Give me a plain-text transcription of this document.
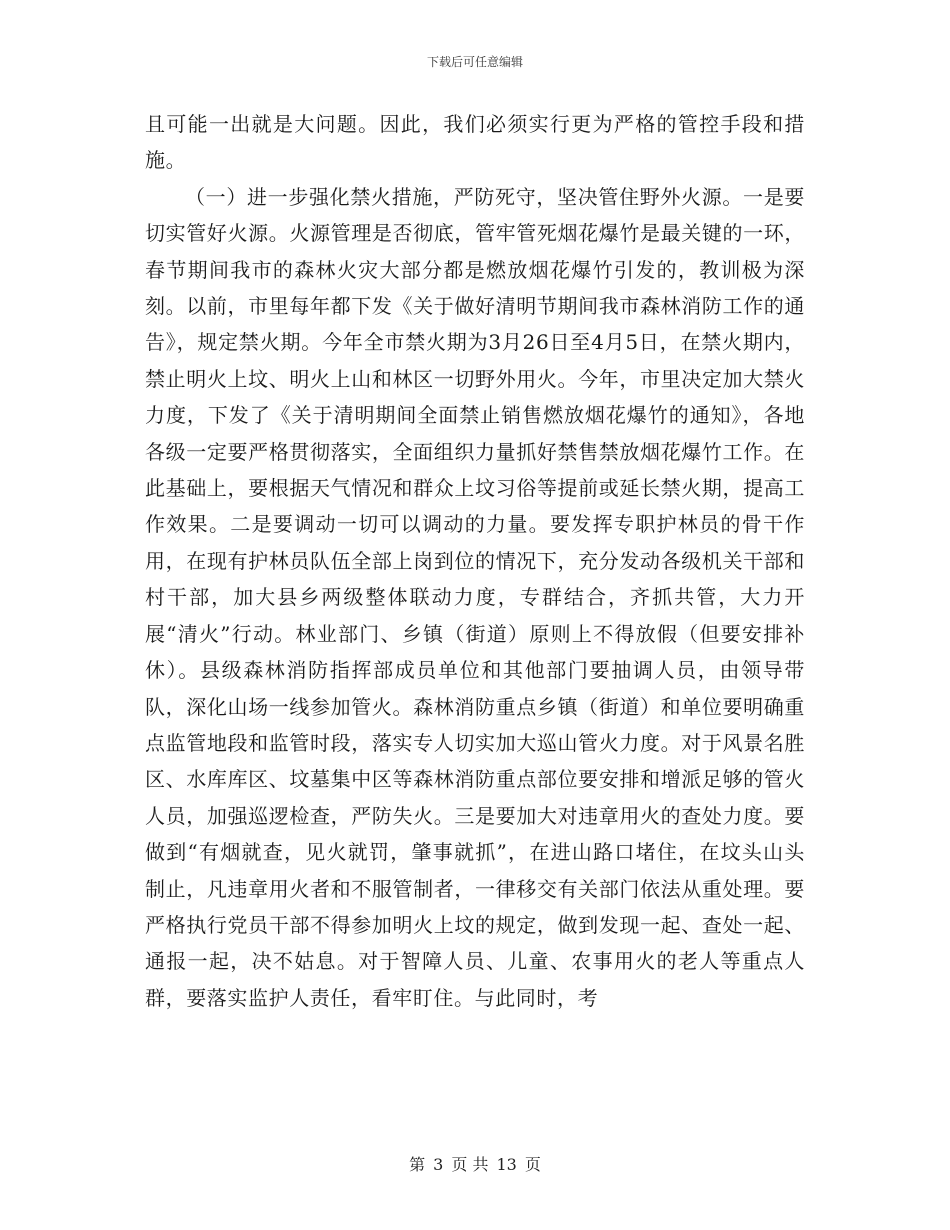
下载后可任意编辑

且可能一出就是大问题。因此，我们必须实行更为严格的管控手段和措施。

（一）进一步强化禁火措施，严防死守，坚决管住野外火源。一是要切实管好火源。火源管理是否彻底，管牢管死烟花爆竹是最关键的一环，春节期间我市的森林火灾大部分都是燃放烟花爆竹引发的，教训极为深刻。以前，市里每年都下发《关于做好清明节期间我市森林消防工作的通告》，规定禁火期。今年全市禁火期为3月26日至4月5日，在禁火期内，禁止明火上坟、明火上山和林区一切野外用火。今年，市里决定加大禁火力度，下发了《关于清明期间全面禁止销售燃放烟花爆竹的通知》，各地各级一定要严格贯彻落实，全面组织力量抓好禁售禁放烟花爆竹工作。在此基础上，要根据天气情况和群众上坟习俗等提前或延长禁火期，提高工作效果。二是要调动一切可以调动的力量。要发挥专职护林员的骨干作用，在现有护林员队伍全部上岗到位的情况下，充分发动各级机关干部和村干部，加大县乡两级整体联动力度，专群结合，齐抓共管，大力开展“清火”行动。林业部门、乡镇（街道）原则上不得放假（但要安排补休）。县级森林消防指挥部成员单位和其他部门要抽调人员，由领导带队，深化山场一线参加管火。森林消防重点乡镇（街道）和单位要明确重点监管地段和监管时段，落实专人切实加大巡山管火力度。对于风景名胜区、水库库区、坟墓集中区等森林消防重点部位要安排和增派足够的管火人员，加强巡逻检查，严防失火。三是要加大对违章用火的查处力度。要做到“有烟就查，见火就罚，肇事就抓”，在进山路口堵住，在坟头山头制止，凡违章用火者和不服管制者，一律移交有关部门依法从重处理。要严格执行党员干部不得参加明火上坟的规定，做到发现一起、查处一起、通报一起，决不姑息。对于智障人员、儿童、农事用火的老人等重点人群，要落实监护人责任，看牢盯住。与此同时，考

第 3 页 共 13 页
